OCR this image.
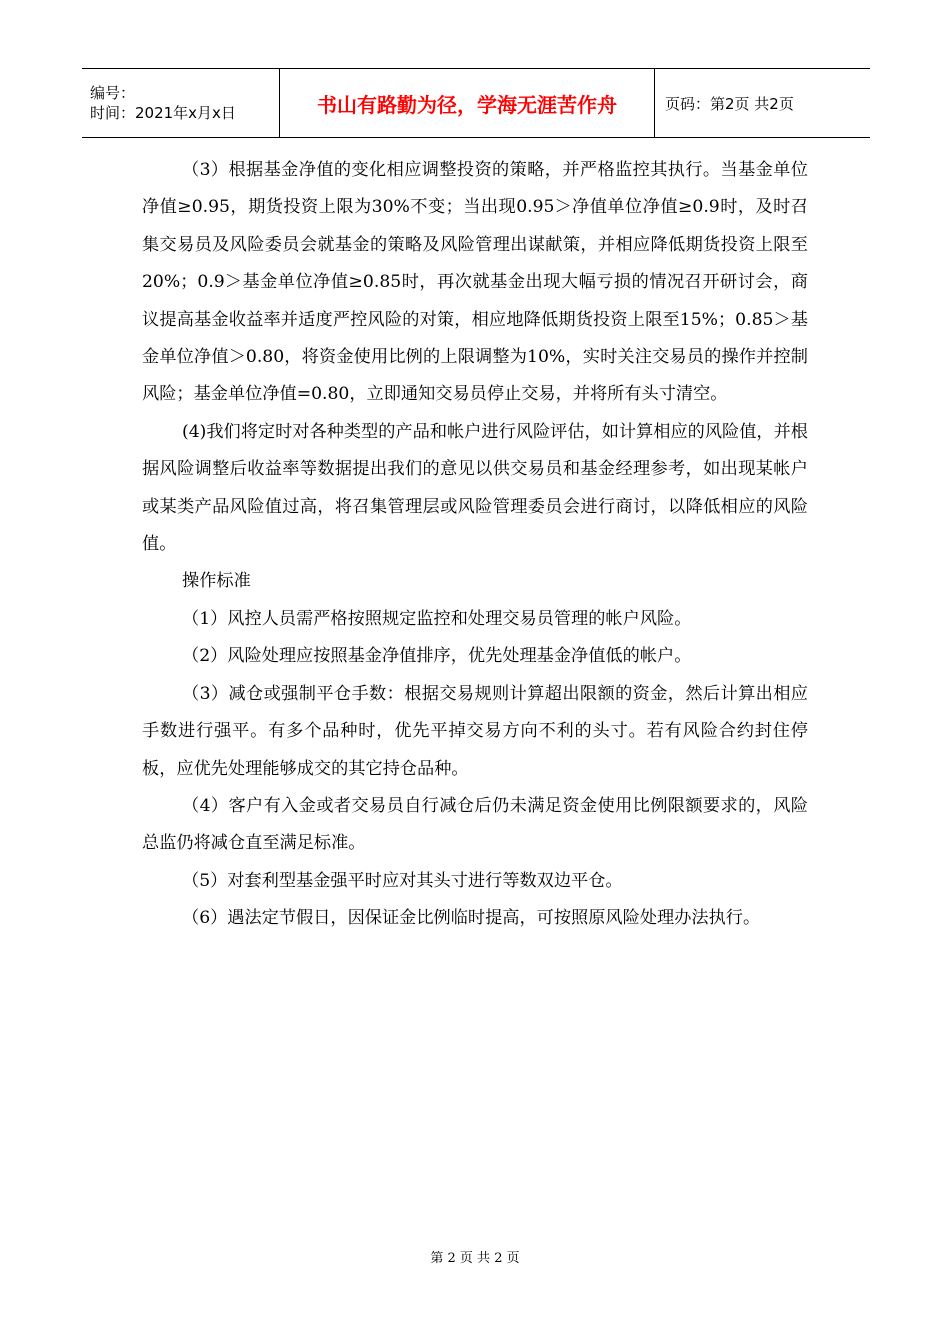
编号：
时间：2021年x月x日	书山有路勤为径，学海无涯苦作舟	页码：第2页 共2页

（3）根据基金净值的变化相应调整投资的策略，并严格监控其执行。当基金单位净值≥0.95，期货投资上限为30%不变；当出现0.95＞净值单位净值≥0.9时，及时召集交易员及风险委员会就基金的策略及风险管理出谋献策，并相应降低期货投资上限至20%；0.9＞基金单位净值≥0.85时，再次就基金出现大幅亏损的情况召开研讨会，商议提高基金收益率并适度严控风险的对策，相应地降低期货投资上限至15%；0.85＞基金单位净值＞0.80，将资金使用比例的上限调整为10%，实时关注交易员的操作并控制风险；基金单位净值=0.80，立即通知交易员停止交易，并将所有头寸清空。

(4)我们将定时对各种类型的产品和帐户进行风险评估，如计算相应的风险值，并根据风险调整后收益率等数据提出我们的意见以供交易员和基金经理参考，如出现某帐户或某类产品风险值过高，将召集管理层或风险管理委员会进行商讨，以降低相应的风险值。

操作标准

（1）风控人员需严格按照规定监控和处理交易员管理的帐户风险。

（2）风险处理应按照基金净值排序，优先处理基金净值低的帐户。

（3）减仓或强制平仓手数：根据交易规则计算超出限额的资金，然后计算出相应手数进行强平。有多个品种时，优先平掉交易方向不利的头寸。若有风险合约封住停板，应优先处理能够成交的其它持仓品种。

（4）客户有入金或者交易员自行减仓后仍未满足资金使用比例限额要求的，风险总监仍将减仓直至满足标准。

（5）对套利型基金强平时应对其头寸进行等数双边平仓。

（6）遇法定节假日，因保证金比例临时提高，可按照原风险处理办法执行。

第 2 页 共 2 页
